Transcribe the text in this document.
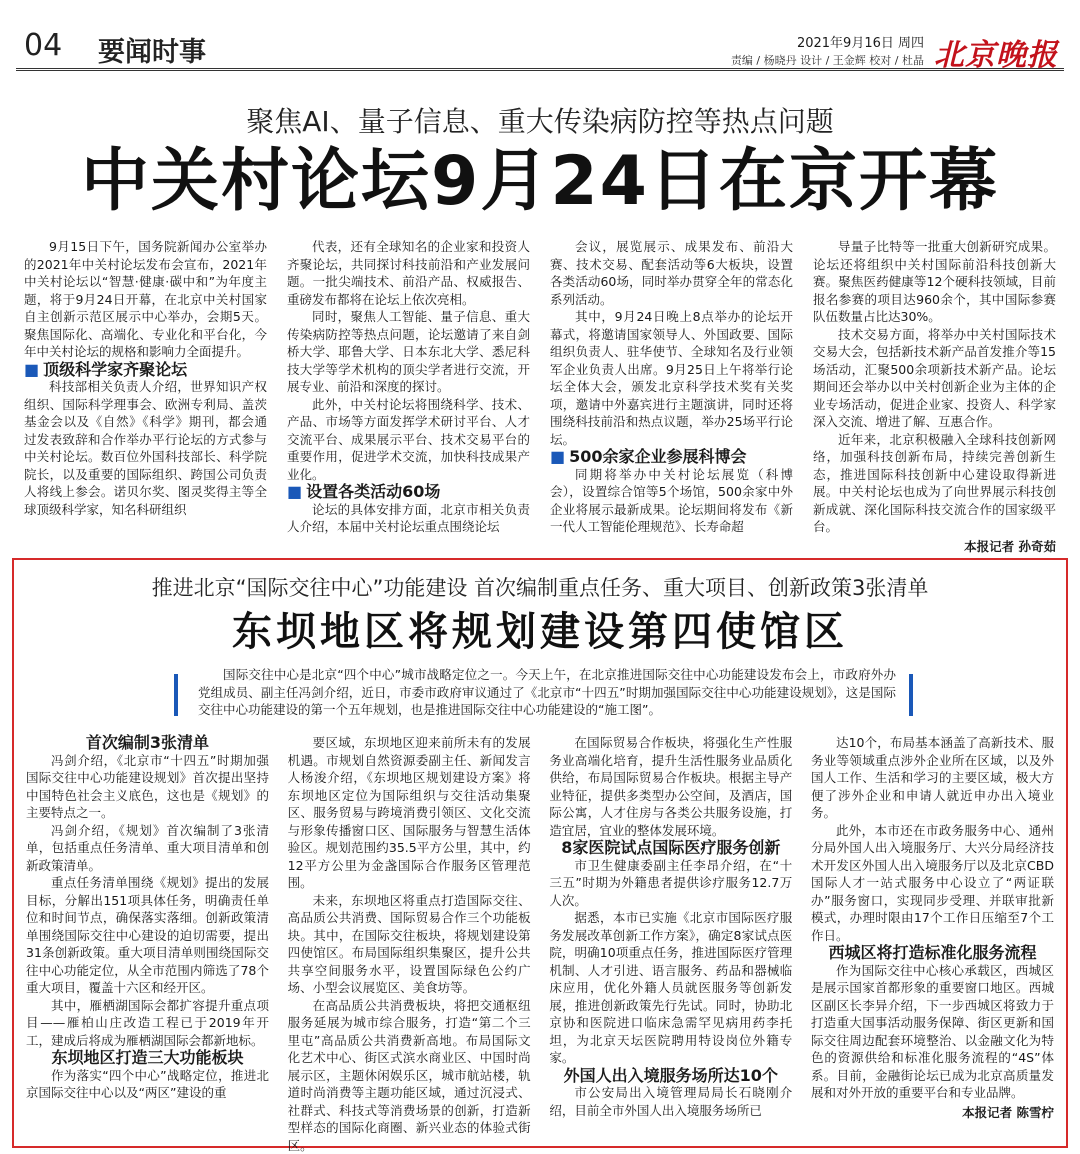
04 要闻时事	2021年9月16日 周四
责编 / 杨晓丹 设计 / 王金辉 校对 / 杜晶 北京晚报
聚焦AI、量子信息、重大传染病防控等热点问题
中关村论坛9月24日在京开幕

9月15日下午，国务院新闻办公室举办的2021年中关村论坛发布会宣布，2021年中关村论坛以“智慧·健康·碳中和”为年度主题，将于9月24日开幕，在北京中关村国家自主创新示范区展示中心举办，会期5天。聚焦国际化、高端化、专业化和平台化，今年中关村论坛的规格和影响力全面提升。

■ 顶级科学家齐聚论坛

科技部相关负责人介绍，世界知识产权组织、国际科学理事会、欧洲专利局、盖茨基金会以及《自然》《科学》期刊，都会通过发表致辞和合作举办平行论坛的方式参与中关村论坛。数百位外国科技部长、科学院院长，以及重要的国际组织、跨国公司负责人将线上参会。诺贝尔奖、图灵奖得主等全球顶级科学家，知名科研组织

代表，还有全球知名的企业家和投资人齐聚论坛，共同探讨科技前沿和产业发展问题。一批尖端技术、前沿产品、权威报告、重磅发布都将在论坛上依次亮相。

同时，聚焦人工智能、量子信息、重大传染病防控等热点问题，论坛邀请了来自剑桥大学、耶鲁大学、日本东北大学、悉尼科技大学等学术机构的顶尖学者进行交流，开展专业、前沿和深度的探讨。

此外，中关村论坛将围绕科学、技术、产品、市场等方面发挥学术研讨平台、人才交流平台、成果展示平台、技术交易平台的重要作用，促进学术交流，加快科技成果产业化。

■ 设置各类活动60场

论坛的具体安排方面，北京市相关负责人介绍，本届中关村论坛重点围绕论坛

会议，展览展示、成果发布、前沿大赛、技术交易、配套活动等6大板块，设置各类活动60场，同时举办贯穿全年的常态化系列活动。

其中，9月24日晚上8点举办的论坛开幕式，将邀请国家领导人、外国政要、国际组织负责人、驻华使节、全球知名及行业领军企业负责人出席。9月25日上午将举行论坛全体大会，颁发北京科学技术奖有关奖项，邀请中外嘉宾进行主题演讲，同时还将围绕科技前沿和热点议题，举办25场平行论坛。

■ 500余家企业参展科博会

同期将举办中关村论坛展览（科博会），设置综合馆等5个场馆，500余家中外企业将展示最新成果。论坛期间将发布《新一代人工智能伦理规范》、长寿命超

导量子比特等一批重大创新研究成果。论坛还将组织中关村国际前沿科技创新大赛。聚焦医药健康等12个硬科技领域，目前报名参赛的项目达960余个，其中国际参赛队伍数量占比达30%。

技术交易方面，将举办中关村国际技术交易大会，包括新技术新产品首发推介等15场活动，汇聚500余项新技术新产品。论坛期间还会举办以中关村创新企业为主体的企业专场活动，促进企业家、投资人、科学家深入交流、增进了解、互惠合作。

近年来，北京积极融入全球科技创新网络，加强科技创新布局，持续完善创新生态，推进国际科技创新中心建设取得新进展。中关村论坛也成为了向世界展示科技创新成就、深化国际科技交流合作的国家级平台。

本报记者 孙奇茹

推进北京“国际交往中心”功能建设 首次编制重点任务、重大项目、创新政策3张清单
东坝地区将规划建设第四使馆区
国际交往中心是北京“四个中心”城市战略定位之一。今天上午，在北京推进国际交往中心功能建设发布会上，市政府外办党组成员、副主任冯剑介绍，近日，市委市政府审议通过了《北京市“十四五”时期加强国际交往中心功能建设规划》，这是国际交往中心功能建设的第一个五年规划，也是推进国际交往中心功能建设的“施工图”。

首次编制3张清单

冯剑介绍，《北京市“十四五”时期加强国际交往中心功能建设规划》首次提出坚持中国特色社会主义底色，这也是《规划》的主要特点之一。

冯剑介绍，《规划》首次编制了3张清单，包括重点任务清单、重大项目清单和创新政策清单。

重点任务清单围绕《规划》提出的发展目标，分解出151项具体任务，明确责任单位和时间节点，确保落实落细。创新政策清单围绕国际交往中心建设的迫切需要，提出31条创新政策。重大项目清单则围绕国际交往中心功能定位，从全市范围内筛选了78个重大项目，覆盖十六区和经开区。

其中，雁栖湖国际会都扩容提升重点项目——雁柏山庄改造工程已于2019年开工，建成后将成为雁栖湖国际会都新地标。

东坝地区打造三大功能板块

作为落实“四个中心”战略定位，推进北京国际交往中心以及“两区”建设的重

要区域，东坝地区迎来前所未有的发展机遇。市规划自然资源委副主任、新闻发言人杨浚介绍，《东坝地区规划建设方案》将东坝地区定位为国际组织与交往活动集聚区、服务贸易与跨境消费引领区、文化交流与形象传播窗口区、国际服务与智慧生活体验区。规划范围约35.5平方公里，其中，约12平方公里为金盏国际合作服务区管理范围。

未来，东坝地区将重点打造国际交往、高品质公共消费、国际贸易合作三个功能板块。其中，在国际交往板块，将规划建设第四使馆区。布局国际组织集聚区，提升公共共享空间服务水平，设置国际绿色公约广场、小型会议展览区、美食坊等。

在高品质公共消费板块，将把交通枢纽服务延展为城市综合服务，打造“第二个三里屯”高品质公共消费新高地。布局国际文化艺术中心、街区式滨水商业区、中国时尚展示区，主题休闲娱乐区，城市航站楼，轨道时尚消费等主题功能区域，通过沉浸式、社群式、科技式等消费场景的创新，打造新型样态的国际化商圈、新兴业态的体验式街区。

在国际贸易合作板块，将强化生产性服务业高端化培育，提升生活性服务业品质化供给，布局国际贸易合作板块。根据主导产业特征，提供多类型办公空间，及酒店，国际公寓，人才住房与各类公共服务设施，打造宜居，宜业的整体发展环境。

8家医院试点国际医疗服务创新

市卫生健康委副主任李昂介绍，在“十三五”时期为外籍患者提供诊疗服务12.7万人次。

据悉，本市已实施《北京市国际医疗服务发展改革创新工作方案》，确定8家试点医院，明确10项重点任务，推进国际医疗管理机制、人才引进、语言服务、药品和器械临床应用，优化外籍人员就医服务等创新发展，推进创新政策先行先试。同时，协助北京协和医院进口临床急需罕见病用药李托坦，为北京天坛医院聘用特设岗位外籍专家。

外国人出入境服务场所达10个

市公安局出入境管理局局长石晓刚介绍，目前全市外国人出入境服务场所已

达10个，布局基本涵盖了高新技术、服务业等领域重点涉外企业所在区域，以及外国人工作、生活和学习的主要区域，极大方便了涉外企业和申请人就近申办出入境业务。

此外，本市还在市政务服务中心、通州分局外国人出入境服务厅、大兴分局经济技术开发区外国人出入境服务厅以及北京CBD国际人才一站式服务中心设立了“两证联办”服务窗口，实现同步受理、并联审批新模式，办理时限由17个工作日压缩至7个工作日。

西城区将打造标准化服务流程

作为国际交往中心核心承载区，西城区是展示国家首都形象的重要窗口地区。西城区副区长李异介绍，下一步西城区将致力于打造重大国事活动服务保障、街区更新和国际交往周边配套环境整治、以金融文化为特色的资源供给和标准化服务流程的“4S”体系。目前，金融街论坛已成为北京高质量发展和对外开放的重要平台和专业品牌。

本报记者 陈雪柠
